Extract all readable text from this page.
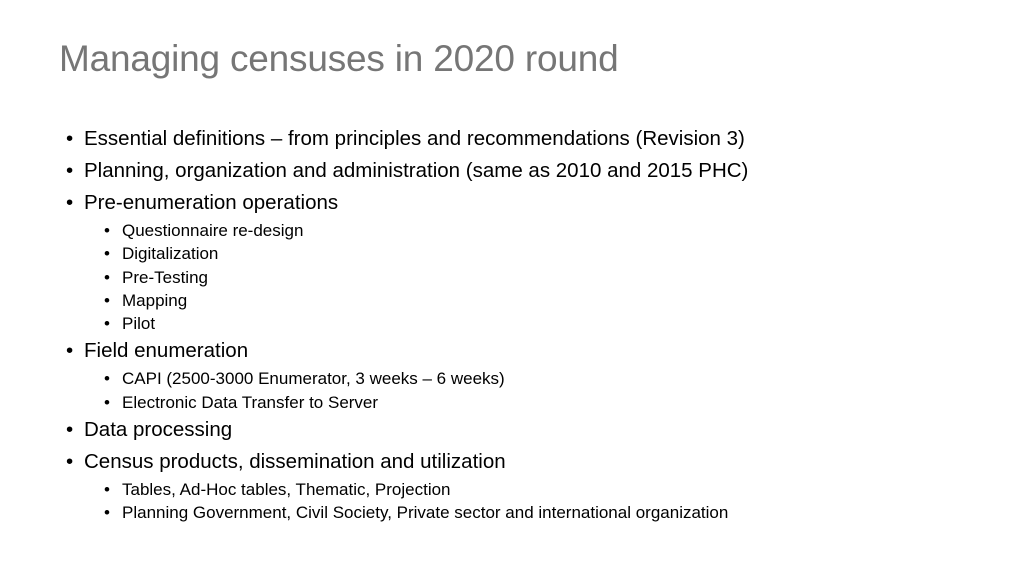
Managing censuses in 2020 round
• Essential definitions – from principles and recommendations (Revision 3)
• Planning, organization and administration (same as 2010 and 2015 PHC)
• Pre-enumeration operations
• Questionnaire re-design
• Digitalization
• Pre-Testing
• Mapping
• Pilot
• Field enumeration
• CAPI (2500-3000 Enumerator, 3 weeks – 6 weeks)
• Electronic Data Transfer to Server
• Data processing
• Census products, dissemination and utilization
• Tables, Ad-Hoc tables, Thematic, Projection
• Planning Government, Civil Society, Private sector and international organization
